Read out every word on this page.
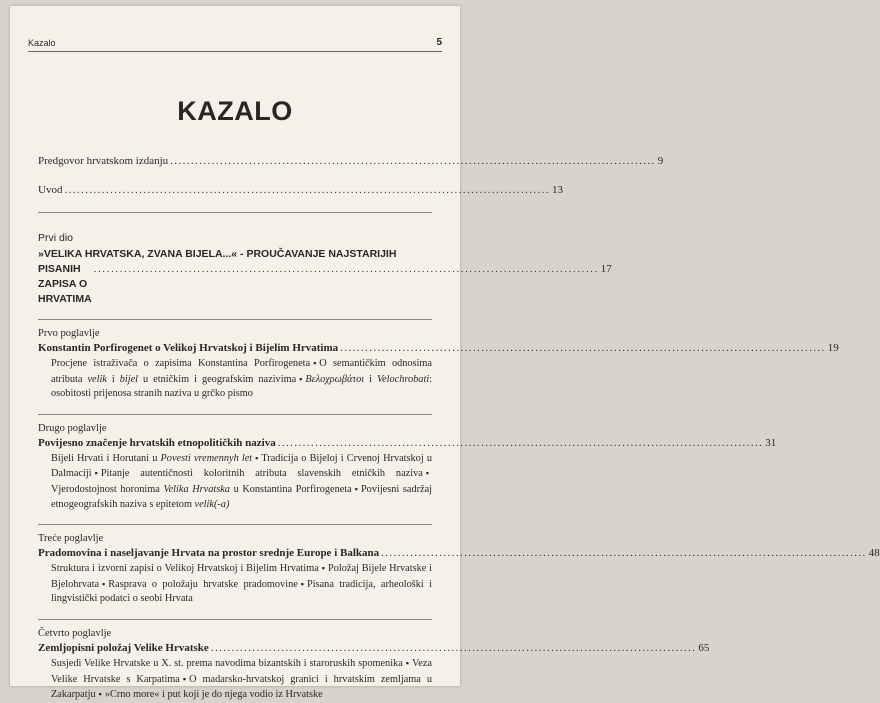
Kazalo	5
KAZALO
Predgovor hrvatskom izdanju ..................................................................................................................... 9
Uvod ..................................................................................................................... 13
Prvi dio
»VELIKA HRVATSKA, ZVANA BIJELA...« - PROUČAVANJE NAJSTARIJIH
PISANIH ZAPISA O HRVATIMA
..................................................................................................................... 17
Prvo poglavlje
Konstantin Porfirogenet o Velikoj Hrvatskoj i Bijelim Hrvatima ..................................................................................................................... 19
Procjene istraživača o zapisima Konstantina Porfirogeneta ▪ O semantičkim odnosima atributa velik i bijel u etničkim i geografskim nazivima ▪ Βελοχρωβάτοι i Velochrobati: osobitosti prijenosa stranih naziva u grčko pismo
Drugo poglavlje
Povijesno značenje hrvatskih etnopolitičkih naziva ..................................................................................................................... 31
Bijeli Hrvati i Horutani u Povesti vremennyh let ▪ Tradicija o Bijeloj i Crvenoj Hrvatskoj u Dalmaciji ▪ Pitanje autentičnosti koloritnih atributa slavenskih etničkih naziva ▪Vjerodostojnost horonima Velika Hrvatska u Konstantina Porfirogeneta ▪ Povijesni sadržaj etnogeografskih naziva s epitetom velik(-a)
Treće poglavlje
Pradomovina i naseljavanje Hrvata na prostor srednje Europe i Balkana ..................................................................................................................... 48
Struktura i izvorni zapisi o Velikoj Hrvatskoj i Bijelim Hrvatima ▪ Položaj Bijele Hrvatske i Bjelohrvata ▪ Rasprava o položaju hrvatske pradomovine ▪ Pisana tradicija, arheološki i lingvistički podatci o seobi Hrvata
Četvrto poglavlje
Zemljopisni položaj Velike Hrvatske ..................................................................................................................... 65
Susjedi Velike Hrvatske u X. st. prema navodima bizantskih i staroruskih spomenika ▪ Veza Velike Hrvatske s Karpatima ▪ O madarsko-hrvatskoj granici i hrvatskim zemljama u Zakarpatju ▪ »Crno more« i put koji je do njega vodio iz Hrvatske
